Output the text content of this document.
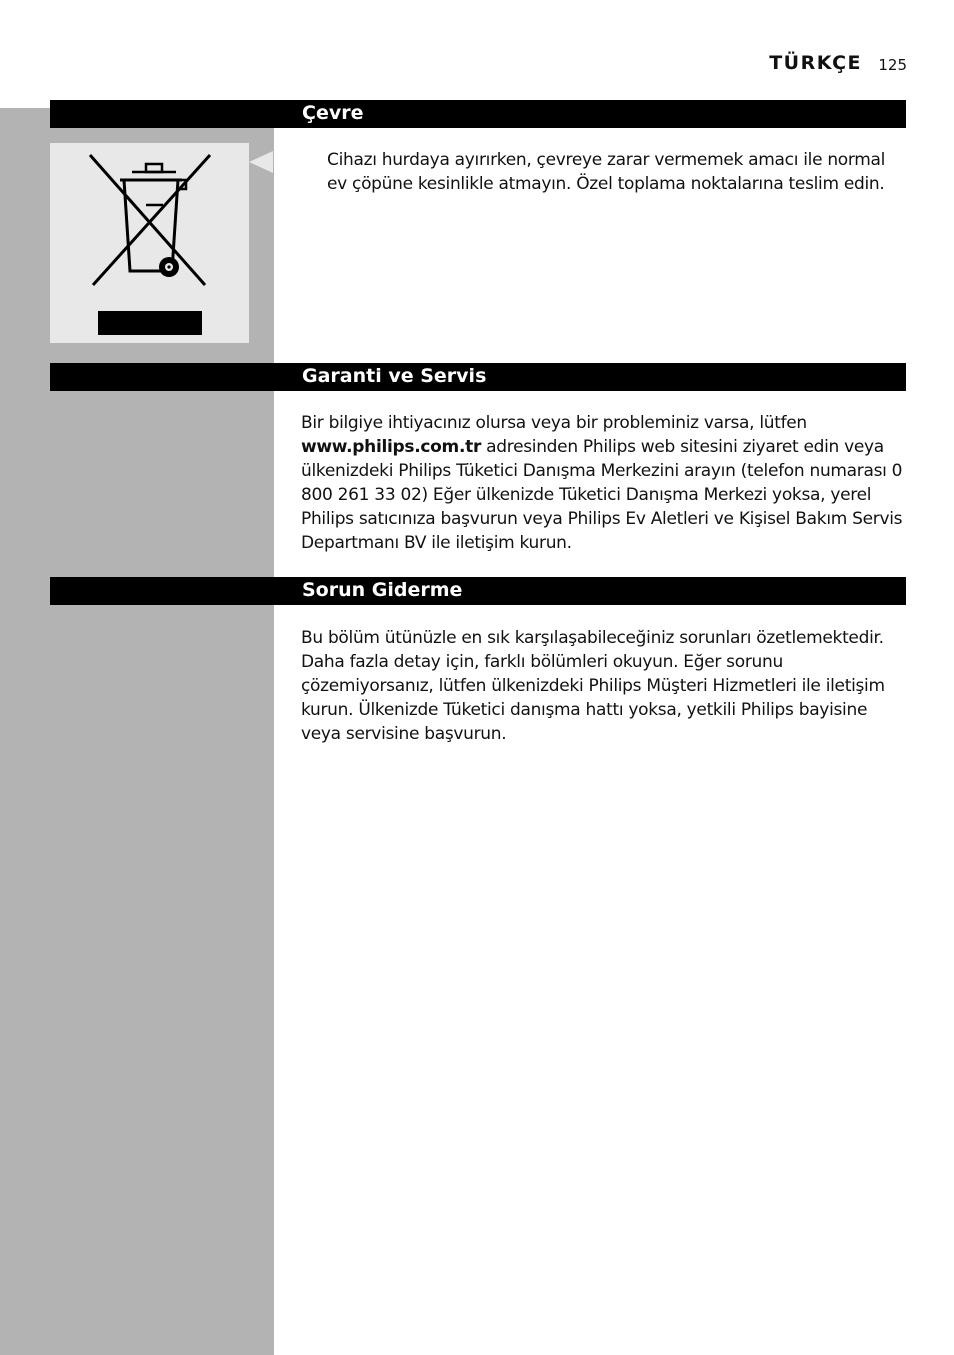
TÜRKÇE 125
Çevre

Cihazı hurdaya ayırırken, çevreye zarar vermemek amacı ile normal ev çöpüne kesinlikle atmayın. Özel toplama noktalarına teslim edin.

Garanti ve Servis

Bir bilgiye ihtiyacınız olursa veya bir probleminiz varsa, lütfen www.philips.com.tr adresinden Philips web sitesini ziyaret edin veya ülkenizdeki Philips Tüketici Danışma Merkezini arayın (telefon numarası 0 800 261 33 02) Eğer ülkenizde Tüketici Danışma Merkezi yoksa, yerel Philips satıcınıza başvurun veya Philips Ev Aletleri ve Kişisel Bakım Servis Departmanı BV ile iletişim kurun.

Sorun Giderme

Bu bölüm ütünüzle en sık karşılaşabileceğiniz sorunları özetlemektedir. Daha fazla detay için, farklı bölümleri okuyun. Eğer sorunu çözemiyorsanız, lütfen ülkenizdeki Philips Müşteri Hizmetleri ile iletişim kurun. Ülkenizde Tüketici danışma hattı yoksa, yetkili Philips bayisine veya servisine başvurun.
